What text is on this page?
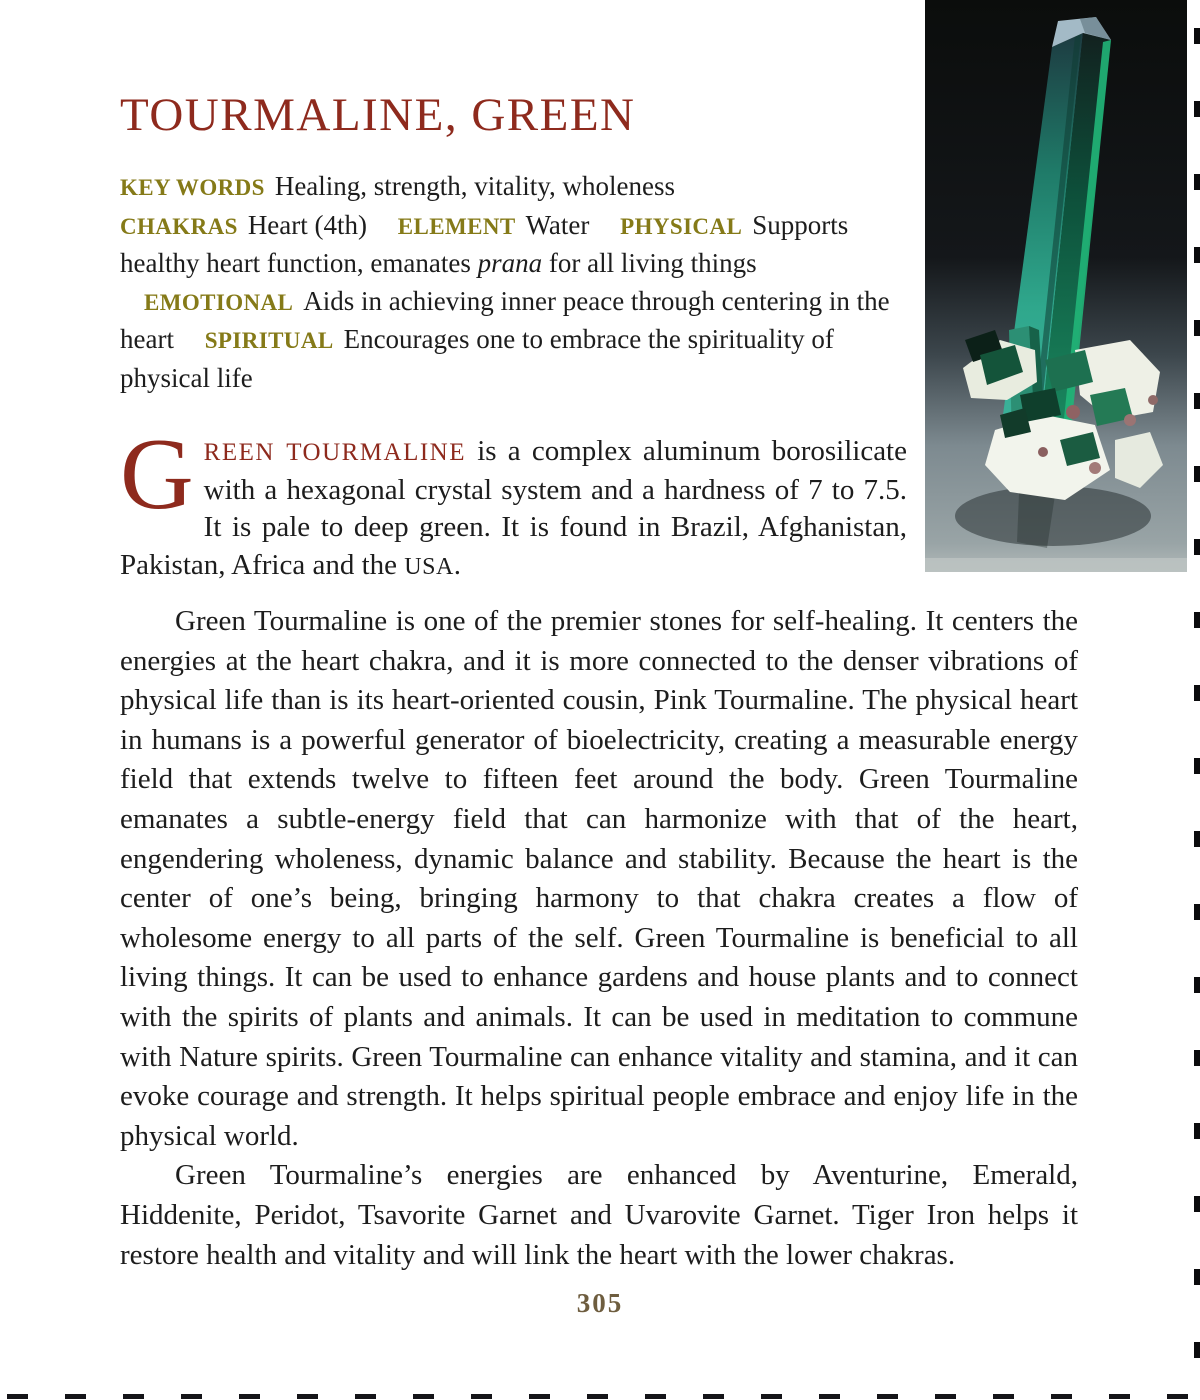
TOURMALINE, GREEN

KEY WORDS Healing, strength, vitality, wholeness

CHAKRAS Heart (4th) ELEMENT Water PHYSICAL Supports healthy heart function, emanates prana for all living things EMOTIONAL Aids in achieving inner peace through centering in the heart SPIRITUAL Encourages one to embrace the spirituality of physical life

GREEN TOURMALINE is a complex aluminum borosilicate with a hexagonal crystal system and a hardness of 7 to 7.5. It is pale to deep green. It is found in Brazil, Afghanistan, Pakistan, Africa and the USA.

Green Tourmaline is one of the premier stones for self-healing. It centers the energies at the heart chakra, and it is more connected to the denser vibrations of physical life than is its heart-oriented cousin, Pink Tourmaline. The physical heart in humans is a powerful generator of bioelectricity, creating a measurable energy field that extends twelve to fifteen feet around the body. Green Tourmaline emanates a subtle-energy field that can harmonize with that of the heart, engendering wholeness, dynamic balance and stability. Because the heart is the center of one’s being, bringing harmony to that chakra creates a flow of wholesome energy to all parts of the self. Green Tourmaline is beneficial to all living things. It can be used to enhance gardens and house plants and to connect with the spirits of plants and animals. It can be used in meditation to commune with Nature spirits. Green Tourmaline can enhance vitality and stamina, and it can evoke courage and strength. It helps spiritual people embrace and enjoy life in the physical world.

Green Tourmaline’s energies are enhanced by Aventurine, Emerald, Hiddenite, Peridot, Tsavorite Garnet and Uvarovite Garnet. Tiger Iron helps it restore health and vitality and will link the heart with the lower chakras.

305
